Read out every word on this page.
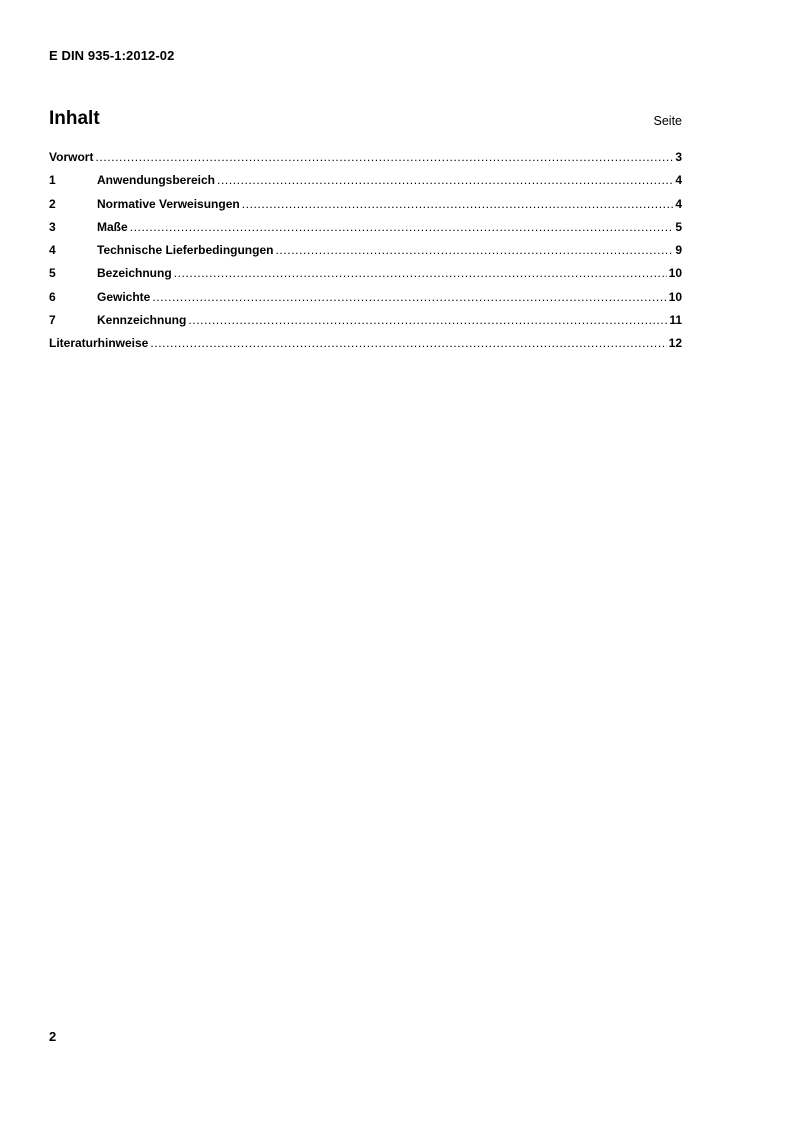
E DIN 935-1:2012-02
Inhalt	Seite
Vorwort .....	3
1	Anwendungsbereich .....	4
2	Normative Verweisungen .....	4
3	Maße .....	5
4	Technische Lieferbedingungen .....	9
5	Bezeichnung .....	10
6	Gewichte .....	10
7	Kennzeichnung .....	11
Literaturhinweise .....	12
2
